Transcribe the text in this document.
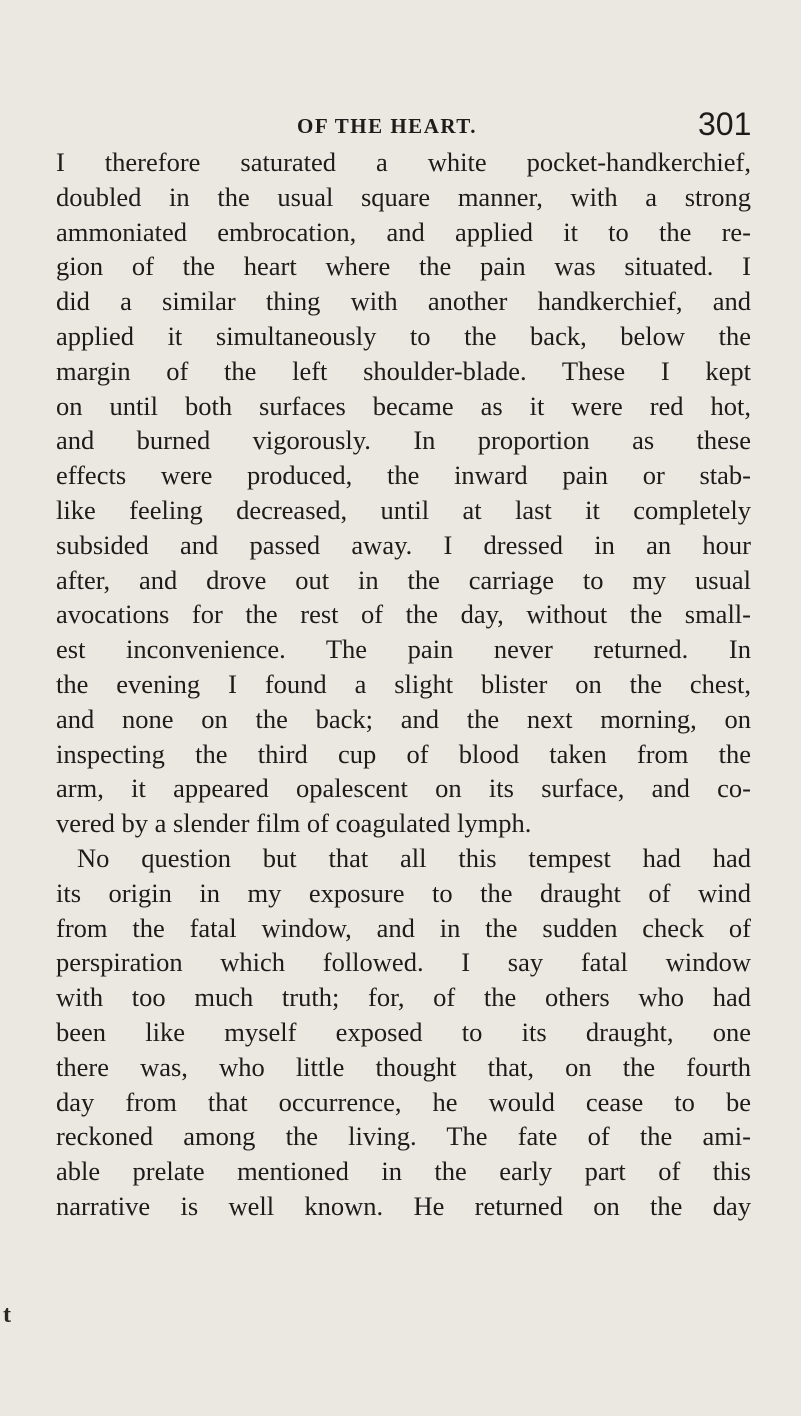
OF THE HEART.	301
I therefore saturated a white pocket-handkerchief,
doubled in the usual square manner, with a strong
ammoniated embrocation, and applied it to the re-
gion of the heart where the pain was situated. I
did a similar thing with another handkerchief, and
applied it simultaneously to the back, below the
margin of the left shoulder-blade. These I kept
on until both surfaces became as it were red hot,
and burned vigorously. In proportion as these
effects were produced, the inward pain or stab-
like feeling decreased, until at last it completely
subsided and passed away. I dressed in an hour
after, and drove out in the carriage to my usual
avocations for the rest of the day, without the small-
est inconvenience. The pain never returned. In
the evening I found a slight blister on the chest,
and none on the back; and the next morning, on
inspecting the third cup of blood taken from the
arm, it appeared opalescent on its surface, and co-
vered by a slender film of coagulated lymph.
No question but that all this tempest had had
its origin in my exposure to the draught of wind
from the fatal window, and in the sudden check of
perspiration which followed. I say fatal window
with too much truth; for, of the others who had
been like myself exposed to its draught, one
there was, who little thought that, on the fourth
day from that occurrence, he would cease to be
reckoned among the living. The fate of the ami-
able prelate mentioned in the early part of this
narrative is well known. He returned on the day
t
